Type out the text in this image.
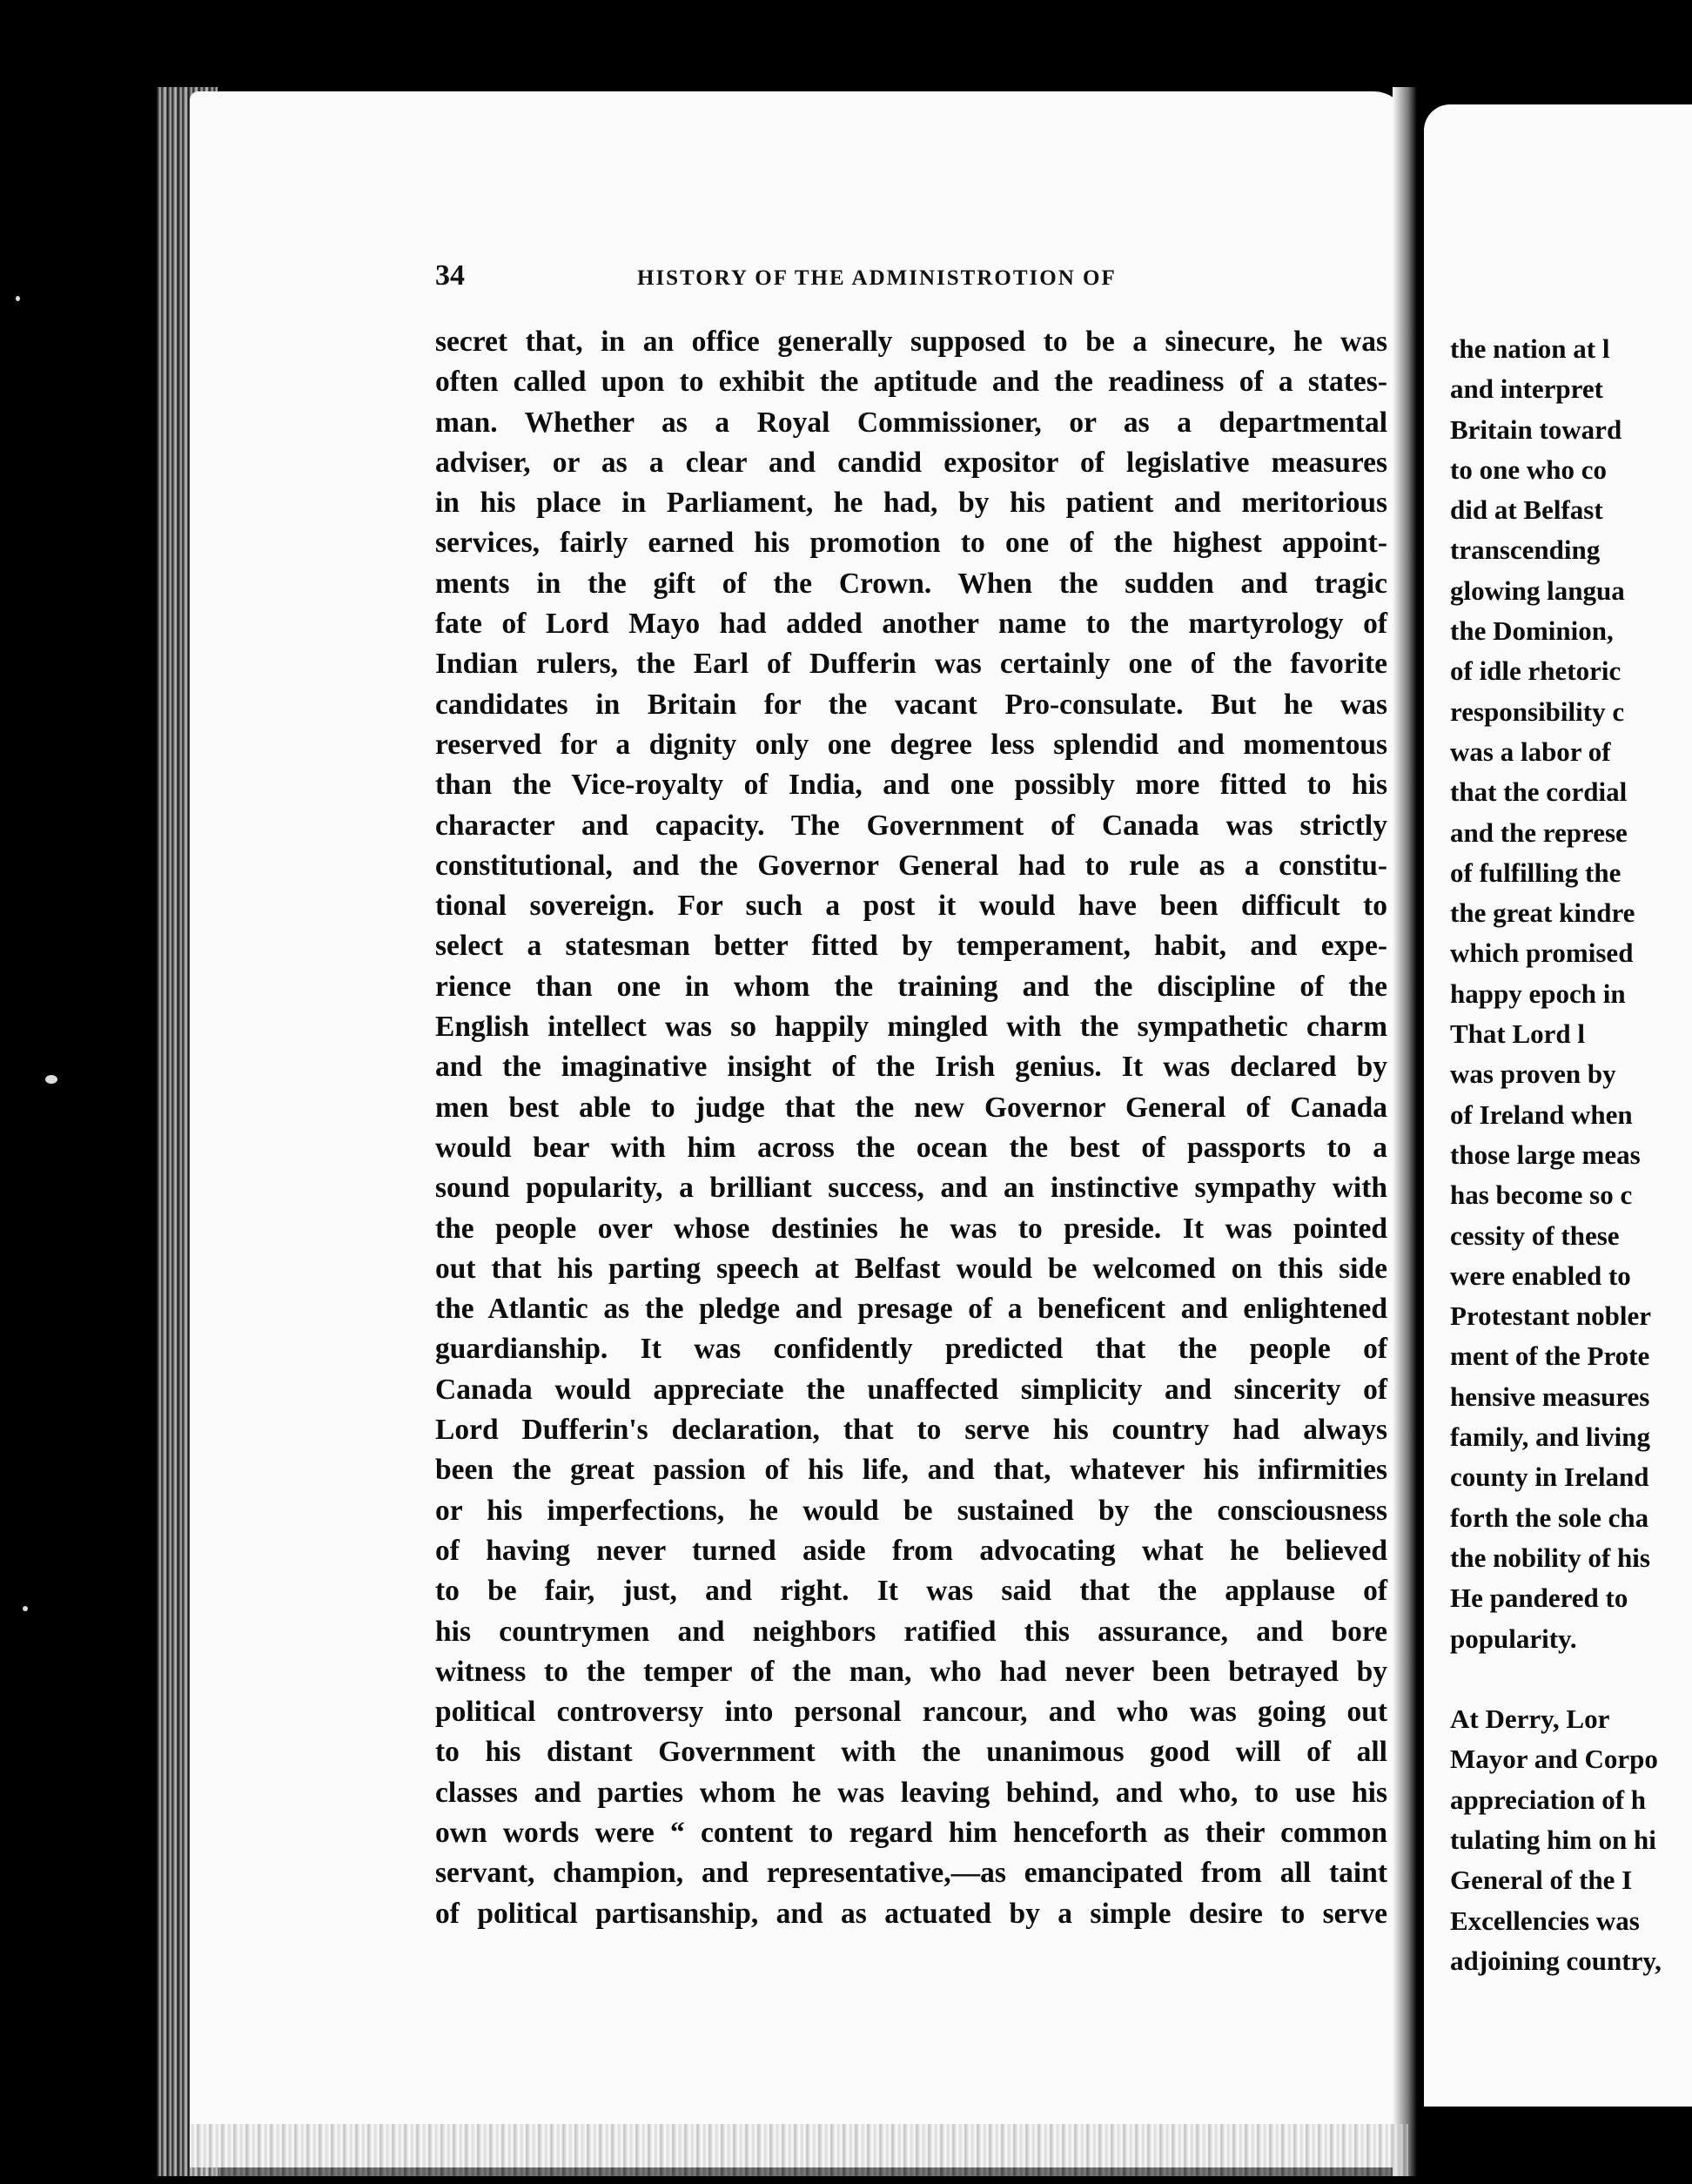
34	HISTORY OF THE ADMINISTROTION OF
secret that, in an office generally supposed to be a sinecure, he was
often called upon to exhibit the aptitude and the readiness of a states-
man. Whether as a Royal Commissioner, or as a departmental
adviser, or as a clear and candid expositor of legislative measures
in his place in Parliament, he had, by his patient and meritorious
services, fairly earned his promotion to one of the highest appoint-
ments in the gift of the Crown. When the sudden and tragic
fate of Lord Mayo had added another name to the martyrology of
Indian rulers, the Earl of Dufferin was certainly one of the favorite
candidates in Britain for the vacant Pro-consulate. But he was
reserved for a dignity only one degree less splendid and momentous
than the Vice-royalty of India, and one possibly more fitted to his
character and capacity. The Government of Canada was strictly
constitutional, and the Governor General had to rule as a constitu-
tional sovereign. For such a post it would have been difficult to
select a statesman better fitted by temperament, habit, and expe-
rience than one in whom the training and the discipline of the
English intellect was so happily mingled with the sympathetic charm
and the imaginative insight of the Irish genius. It was declared by
men best able to judge that the new Governor General of Canada
would bear with him across the ocean the best of passports to a
sound popularity, a brilliant success, and an instinctive sympathy with
the people over whose destinies he was to preside. It was pointed
out that his parting speech at Belfast would be welcomed on this side
the Atlantic as the pledge and presage of a beneficent and enlightened
guardianship. It was confidently predicted that the people of
Canada would appreciate the unaffected simplicity and sincerity of
Lord Dufferin's declaration, that to serve his country had always
been the great passion of his life, and that, whatever his infirmities
or his imperfections, he would be sustained by the consciousness
of having never turned aside from advocating what he believed
to be fair, just, and right. It was said that the applause of
his countrymen and neighbors ratified this assurance, and bore
witness to the temper of the man, who had never been betrayed by
political controversy into personal rancour, and who was going out
to his distant Government with the unanimous good will of all
classes and parties whom he was leaving behind, and who, to use his
own words were “ content to regard him henceforth as their common
servant, champion, and representative,—as emancipated from all taint
of political partisanship, and as actuated by a simple desire to serve
the nation at l
and interpret
Britain toward
to one who co
did at Belfast
transcending
glowing langua
the Dominion,
of idle rhetoric
responsibility c
was a labor of
that the cordial
and the represe
of fulfilling the
the great kindre
which promised
happy epoch in
That Lord l
was proven by
of Ireland when
those large meas
has become so c
cessity of these
were enabled to
Protestant nobler
ment of the Prote
hensive measures
family, and living
county in Ireland
forth the sole cha
the nobility of his
He pandered to
popularity.
At Derry, Lor
Mayor and Corpo
appreciation of h
tulating him on hi
General of the I
Excellencies was
adjoining country,
